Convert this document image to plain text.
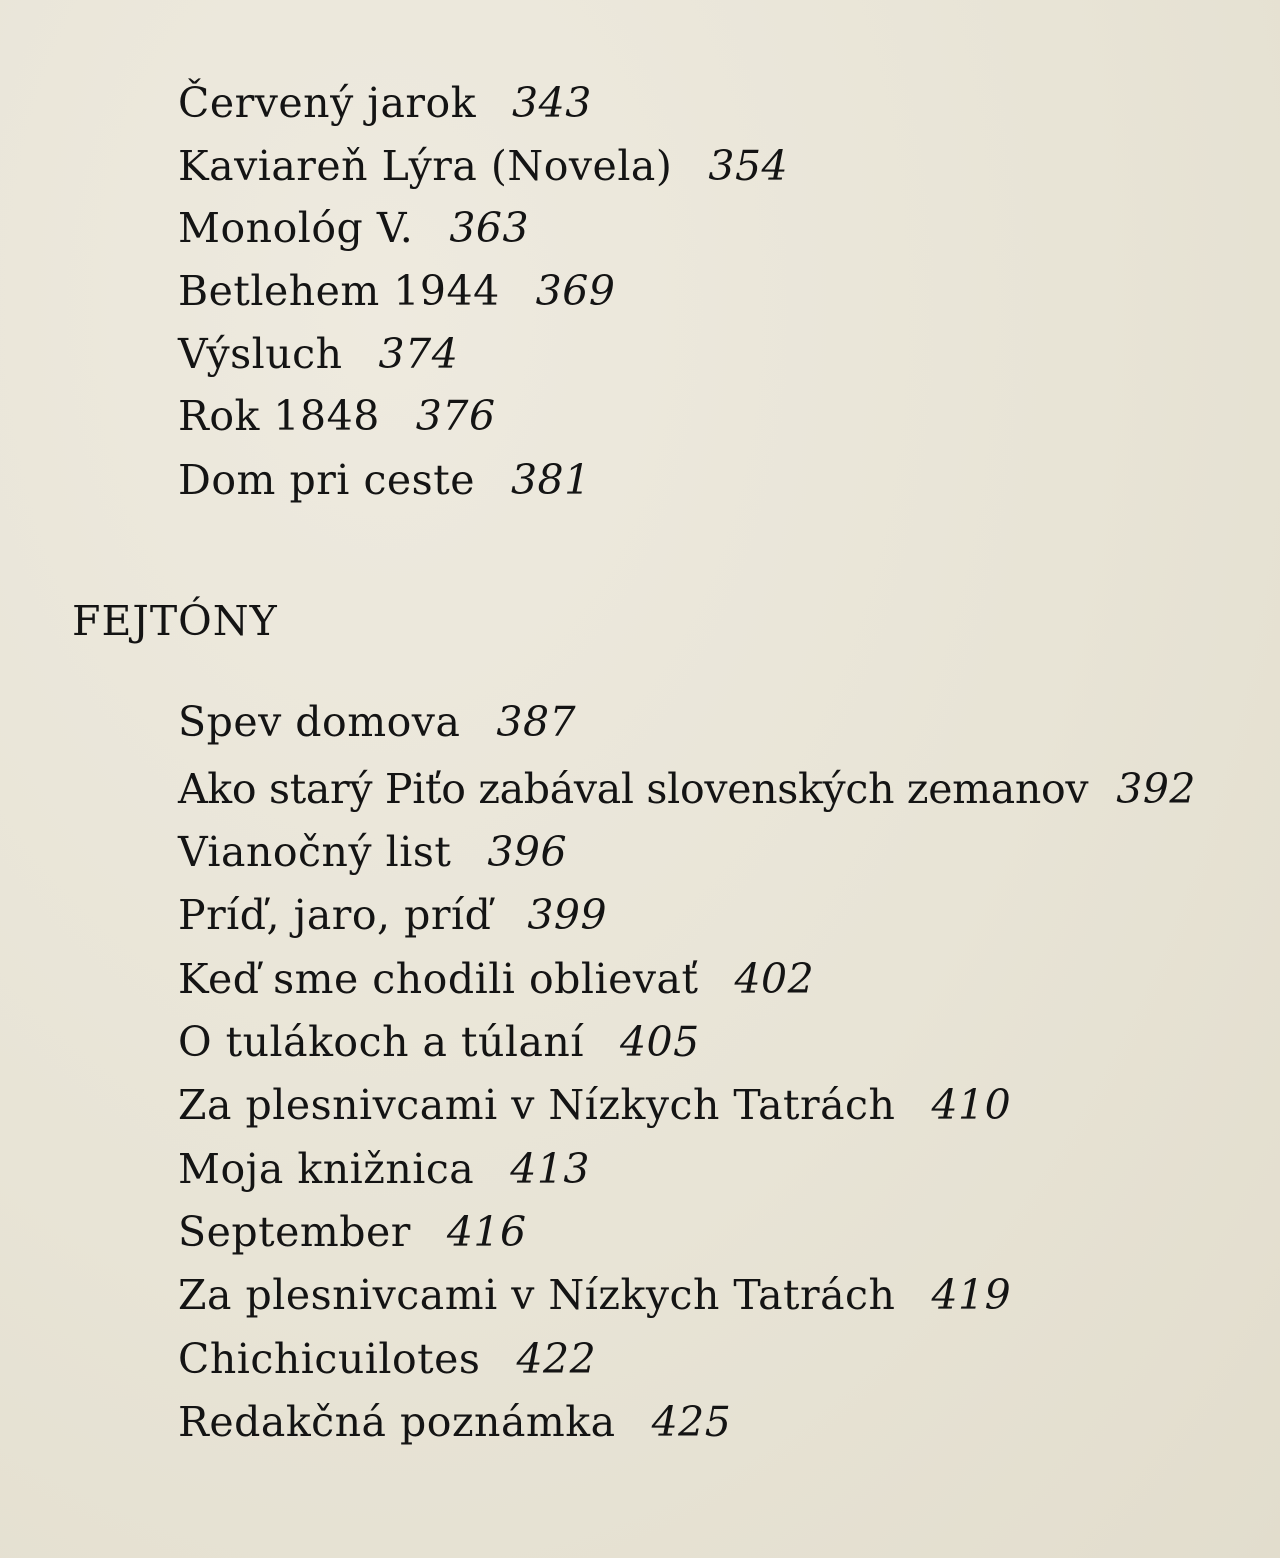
Červený jarok 343
Kaviareň Lýra (Novela) 354
Monológ V. 363
Betlehem 1944 369
Výsluch 374
Rok 1848 376
Dom pri ceste 381
FEJTÓNY
Spev domova 387
Ako starý Piťo zabával slovenských zemanov 392
Vianočný list 396
Príď, jaro, príď 399
Keď sme chodili oblievať 402
O tulákoch a túlaní 405
Za plesnivcami v Nízkych Tatrách 410
Moja knižnica 413
September 416
Za plesnivcami v Nízkych Tatrách 419
Chichicuilotes 422
Redakčná poznámka 425
